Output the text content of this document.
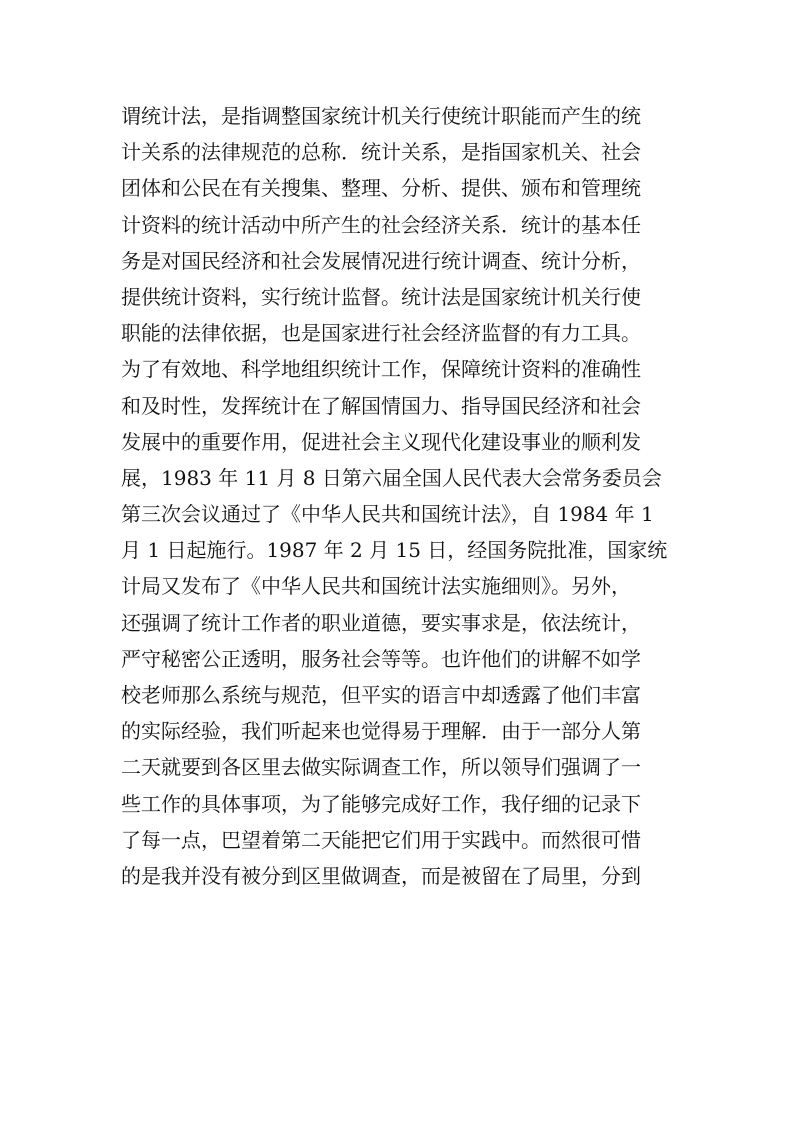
谓统计法，是指调整国家统计机关行使统计职能而产生的统
计关系的法律规范的总称．统计关系，是指国家机关、社会
团体和公民在有关搜集、整理、分析、提供、颁布和管理统
计资料的统计活动中所产生的社会经济关系．统计的基本任
务是对国民经济和社会发展情况进行统计调查、统计分析，
提供统计资料，实行统计监督。统计法是国家统计机关行使
职能的法律依据，也是国家进行社会经济监督的有力工具。
为了有效地、科学地组织统计工作，保障统计资料的准确性
和及时性，发挥统计在了解国情国力、指导国民经济和社会
发展中的重要作用，促进社会主义现代化建设事业的顺利发
展，1983 年 11 月 8 日第六届全国人民代表大会常务委员会
第三次会议通过了《中华人民共和国统计法》，自 1984 年 1
月 1 日起施行。1987 年 2 月 15 日，经国务院批准，国家统
计局又发布了《中华人民共和国统计法实施细则》。另外，
还强调了统计工作者的职业道德，要实事求是，依法统计，
严守秘密公正透明，服务社会等等。也许他们的讲解不如学
校老师那么系统与规范，但平实的语言中却透露了他们丰富
的实际经验，我们听起来也觉得易于理解．由于一部分人第
二天就要到各区里去做实际调查工作，所以领导们强调了一
些工作的具体事项，为了能够完成好工作，我仔细的记录下
了每一点，巴望着第二天能把它们用于实践中。而然很可惜
的是我并没有被分到区里做调查，而是被留在了局里，分到
